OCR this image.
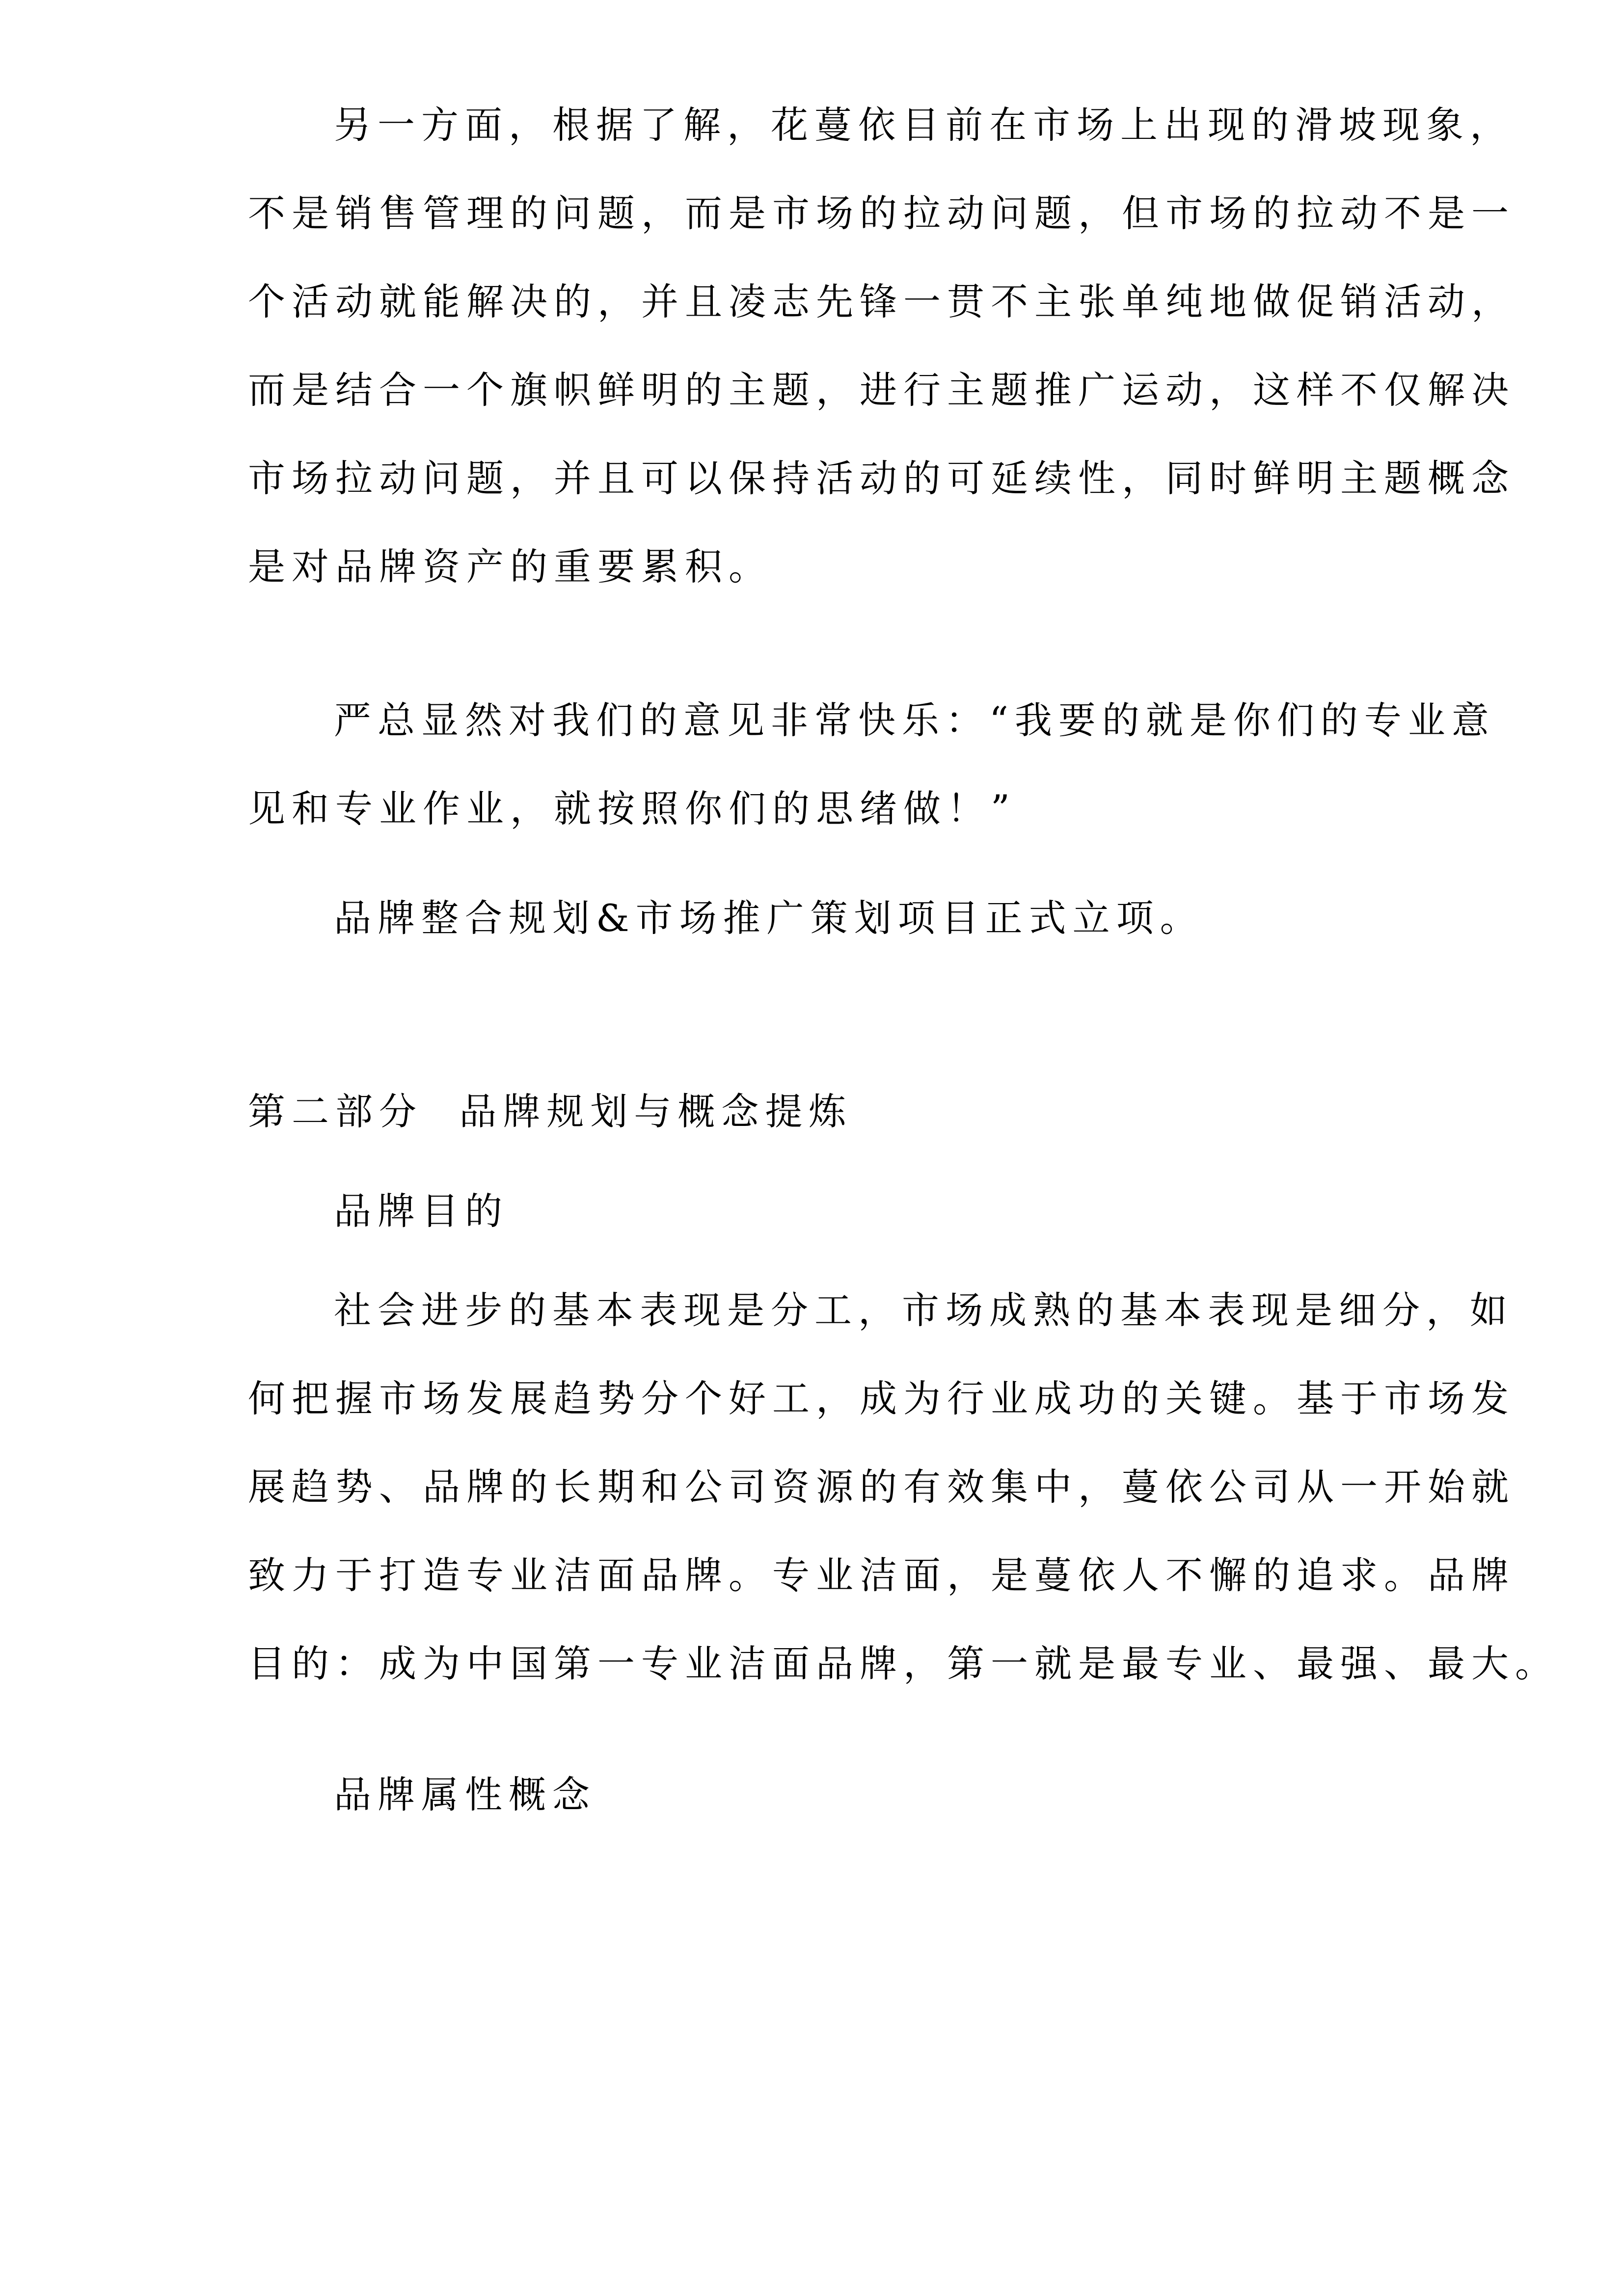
另一方面，根据了解，花蔓依目前在市场上出现的滑坡现象，
不是销售管理的问题，而是市场的拉动问题，但市场的拉动不是一
个活动就能解决的，并且凌志先锋一贯不主张单纯地做促销活动，
而是结合一个旗帜鲜明的主题，进行主题推广运动，这样不仅解决
市场拉动问题，并且可以保持活动的可延续性，同时鲜明主题概念
是对品牌资产的重要累积。
严总显然对我们的意见非常快乐：“我要的就是你们的专业意
见和专业作业，就按照你们的思绪做！”
品牌整合规划&市场推广策划项目正式立项。
第二部分  品牌规划与概念提炼
品牌目的
社会进步的基本表现是分工，市场成熟的基本表现是细分，如
何把握市场发展趋势分个好工，成为行业成功的关键。基于市场发
展趋势、品牌的长期和公司资源的有效集中，蔓依公司从一开始就
致力于打造专业洁面品牌。专业洁面，是蔓依人不懈的追求。品牌
目的：成为中国第一专业洁面品牌，第一就是最专业、最强、最大。
品牌属性概念
